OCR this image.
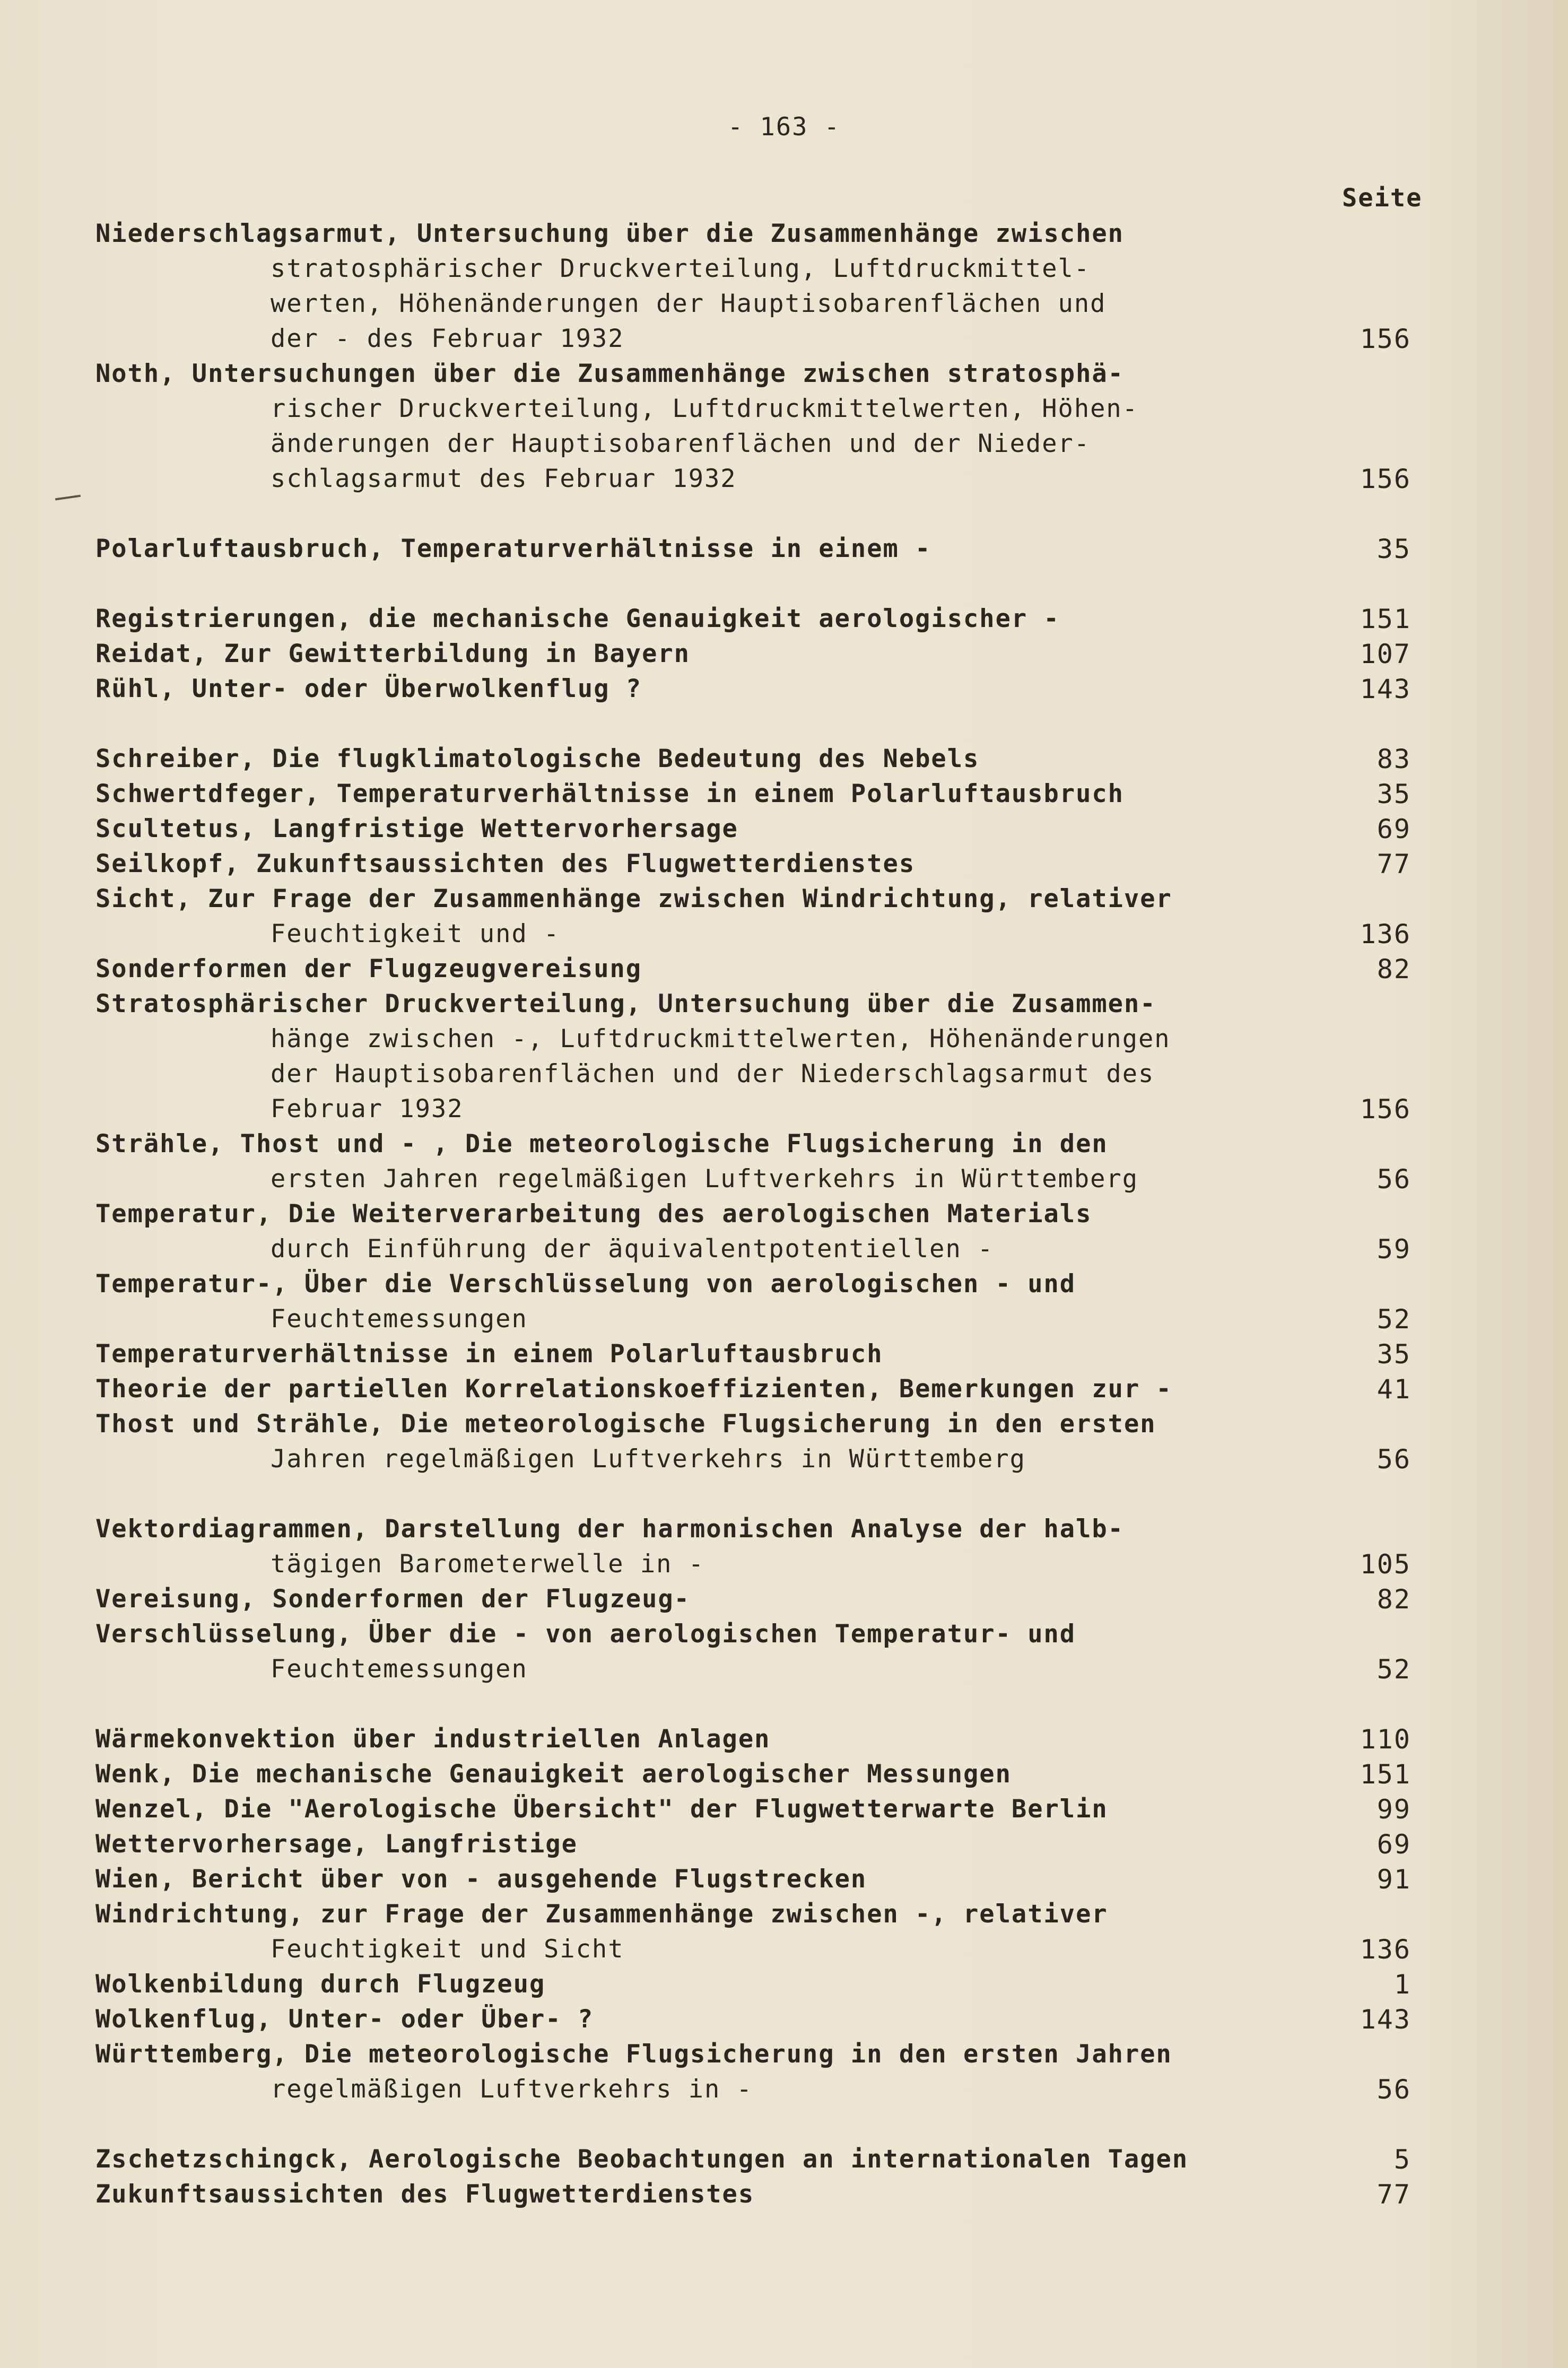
- 163 -
Seite
Niederschlagsarmut, Untersuchung über die Zusammenhänge zwischen
stratosphärischer Druckverteilung, Luftdruckmittel-
werten, Höhenänderungen der Hauptisobarenflächen und
der - des Februar 1932	156
Noth, Untersuchungen über die Zusammenhänge zwischen stratosphä-
rischer Druckverteilung, Luftdruckmittelwerten, Höhen-
änderungen der Hauptisobarenflächen und der Nieder-
schlagsarmut des Februar 1932	156
Polarluftausbruch, Temperaturverhältnisse in einem -	35
Registrierungen, die mechanische Genauigkeit aerologischer -	151
Reidat, Zur Gewitterbildung in Bayern	107
Rühl, Unter- oder Überwolkenflug ?	143
Schreiber, Die flugklimatologische Bedeutung des Nebels	83
Schwertdfeger, Temperaturverhältnisse in einem Polarluftausbruch	35
Scultetus, Langfristige Wettervorhersage	69
Seilkopf, Zukunftsaussichten des Flugwetterdienstes	77
Sicht, Zur Frage der Zusammenhänge zwischen Windrichtung, relativer
Feuchtigkeit und -	136
Sonderformen der Flugzeugvereisung	82
Stratosphärischer Druckverteilung, Untersuchung über die Zusammen-
hänge zwischen -, Luftdruckmittelwerten, Höhenänderungen
der Hauptisobarenflächen und der Niederschlagsarmut des
Februar 1932	156
Strähle, Thost und - , Die meteorologische Flugsicherung in den
ersten Jahren regelmäßigen Luftverkehrs in Württemberg	56
Temperatur, Die Weiterverarbeitung des aerologischen Materials
durch Einführung der äquivalentpotentiellen -	59
Temperatur-, Über die Verschlüsselung von aerologischen - und
Feuchtemessungen	52
Temperaturverhältnisse in einem Polarluftausbruch	35
Theorie der partiellen Korrelationskoeffizienten, Bemerkungen zur -	41
Thost und Strähle, Die meteorologische Flugsicherung in den ersten
Jahren regelmäßigen Luftverkehrs in Württemberg	56
Vektordiagrammen, Darstellung der harmonischen Analyse der halb-
tägigen Barometerwelle in -	105
Vereisung, Sonderformen der Flugzeug-	82
Verschlüsselung, Über die - von aerologischen Temperatur- und
Feuchtemessungen	52
Wärmekonvektion über industriellen Anlagen	110
Wenk, Die mechanische Genauigkeit aerologischer Messungen	151
Wenzel, Die "Aerologische Übersicht" der Flugwetterwarte Berlin	99
Wettervorhersage, Langfristige	69
Wien, Bericht über von - ausgehende Flugstrecken	91
Windrichtung, zur Frage der Zusammenhänge zwischen -, relativer
Feuchtigkeit und Sicht	136
Wolkenbildung durch Flugzeug	1
Wolkenflug, Unter- oder Über- ?	143
Württemberg, Die meteorologische Flugsicherung in den ersten Jahren
regelmäßigen Luftverkehrs in -	56
Zschetzschingck, Aerologische Beobachtungen an internationalen Tagen	5
Zukunftsaussichten des Flugwetterdienstes	77
